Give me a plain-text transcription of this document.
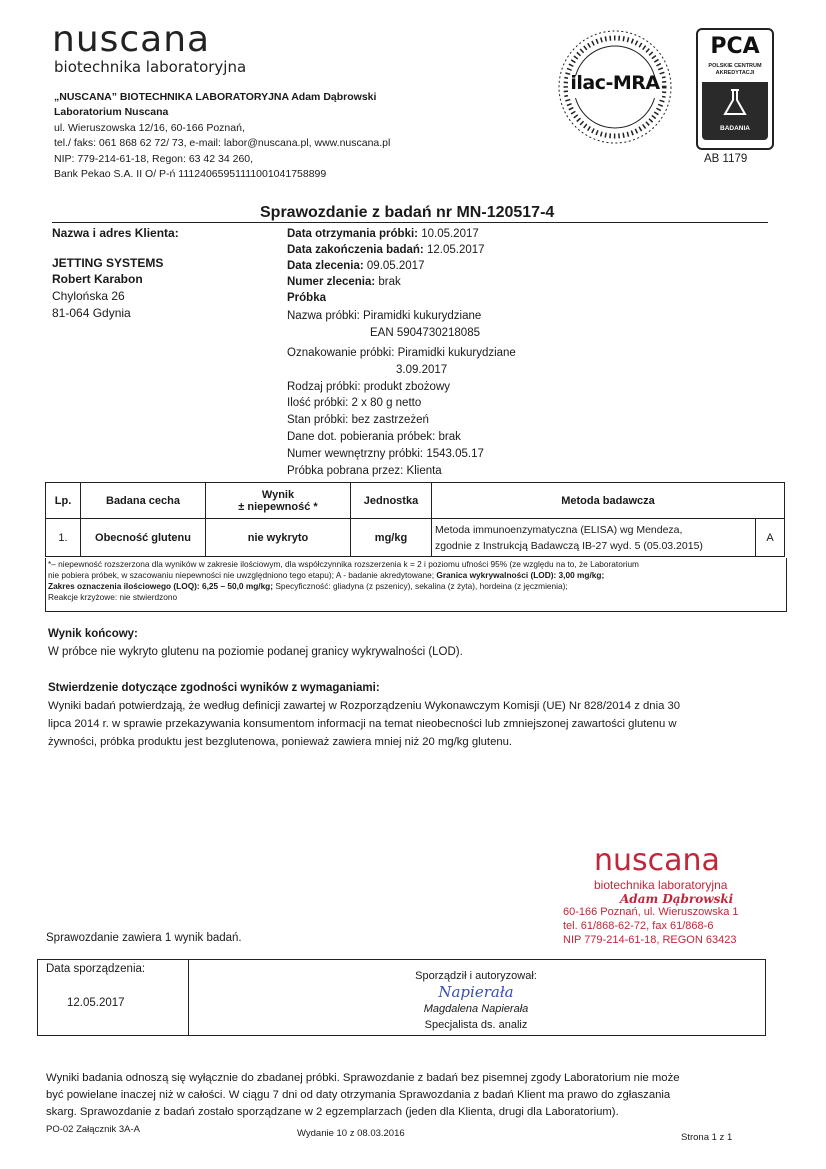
nuscana
biotechnika laboratoryjna
„NUSCANA” BIOTECHNIKA LABORATORYJNA Adam Dąbrowski
Laboratorium Nuscana
ul. Wieruszowska 12/16, 60-166 Poznań,
tel./ faks: 061 868 62 72/ 73, e-mail: labor@nuscana.pl, www.nuscana.pl
NIP: 779-214-61-18, Regon: 63 42 34 260,
Bank Pekao S.A. II O/ P-ń 11124065951111001041758899
ilac-MRA
PCA
POLSKIE CENTRUM
AKREDYTACJI
BADANIA
AB 1179
Sprawozdanie z badań nr MN-120517-4
Nazwa i adres Klienta:
JETTING SYSTEMS
Robert Karabon
Chylońska 26
81-064 Gdynia
Data otrzymania próbki: 10.05.2017
Data zakończenia badań: 12.05.2017
Data zlecenia: 09.05.2017
Numer zlecenia: brak
Próbka
Nazwa próbki: Piramidki kukurydziane
EAN 5904730218085
Oznakowanie próbki: Piramidki kukurydziane
3.09.2017
Rodzaj próbki: produkt zbożowy
Ilość próbki: 2 x 80 g netto
Stan próbki: bez zastrzeżeń
Dane dot. pobierania próbek: brak
Numer wewnętrzny próbki: 1543.05.17
Próbka pobrana przez: Klienta
Lp.	Badana cecha	Wynik
± niepewność *	Jednostka	Metoda badawcza	
1.	Obecność glutenu	nie wykryto	mg/kg	Metoda immunoenzymatyczna (ELISA) wg Mendeza,
zgodnie z Instrukcją Badawczą IB-27 wyd. 5 (05.03.2015)	A
*– niepewność rozszerzona dla wyników w zakresie ilościowym, dla współczynnika rozszerzenia k = 2 i poziomu ufności 95% (ze względu na to, że Laboratorium
nie pobiera próbek, w szacowaniu niepewności nie uwzględniono tego etapu); A - badanie akredytowane; Granica wykrywalności (LOD): 3,00 mg/kg;
Zakres oznaczenia ilościowego (LOQ): 6,25 – 50,0 mg/kg; Specyficzność: gliadyna (z pszenicy), sekalina (z żyta), hordeina (z jęczmienia);
Reakcje krzyżowe: nie stwierdzono
Wynik końcowy:
W próbce nie wykryto glutenu na poziomie podanej granicy wykrywalności (LOD).
Stwierdzenie dotyczące zgodności wyników z wymaganiami:
Wyniki badań potwierdzają, że według definicji zawartej w Rozporządzeniu Wykonawczym Komisji (UE) Nr 828/2014 z dnia 30
lipca 2014 r. w sprawie przekazywania konsumentom informacji na temat nieobecności lub zmniejszonej zawartości glutenu w
żywności, próbka produktu jest bezglutenowa, ponieważ zawiera mniej niż 20 mg/kg glutenu.
nuscana
biotechnika laboratoryjna
Adam Dąbrowski
60-166 Poznań, ul. Wieruszowska 1
tel. 61/868-62-72, fax 61/868-6
NIP 779-214-61-18, REGON 63423
Sprawozdanie zawiera 1 wynik badań.
Data sporządzenia:
12.05.2017
Sporządził i autoryzował:
Napierała
Magdalena Napierała
Specjalista ds. analiz
Wyniki badania odnoszą się wyłącznie do zbadanej próbki. Sprawozdanie z badań bez pisemnej zgody Laboratorium nie może
być powielane inaczej niż w całości. W ciągu 7 dni od daty otrzymania Sprawozdania z badań Klient ma prawo do zgłaszania
skarg. Sprawozdanie z badań zostało sporządzane w 2 egzemplarzach (jeden dla Klienta, drugi dla Laboratorium).
PO-02 Załącznik 3A-A	Wydanie 10 z 08.03.2016	Strona 1 z 1
